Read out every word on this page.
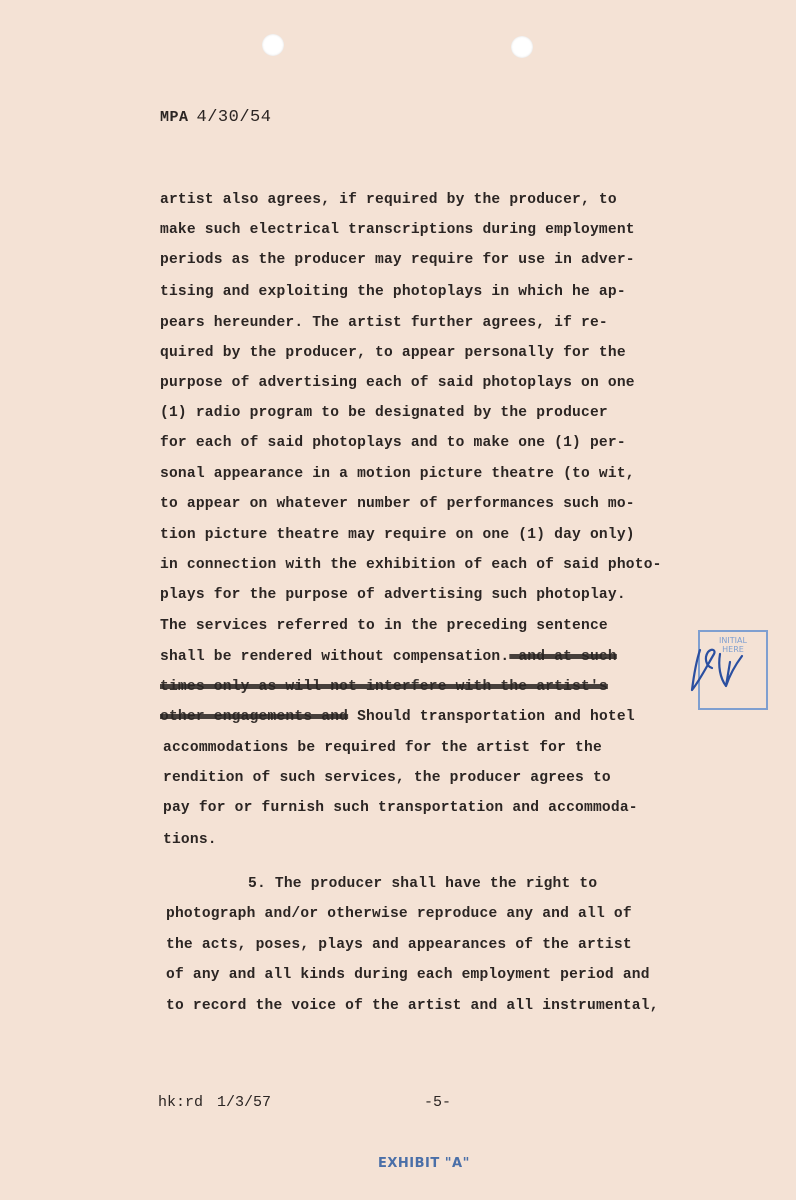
MPA 4/30/54
artist also agrees, if required by the producer, to
make such electrical transcriptions during employment
periods as the producer may require for use in adver-
tising and exploiting the photoplays in which he ap-
pears hereunder. The artist further agrees, if re-
quired by the producer, to appear personally for the
purpose of advertising each of said photoplays on one
(1) radio program to be designated by the producer
for each of said photoplays and to make one (1) per-
sonal appearance in a motion picture theatre (to wit,
to appear on whatever number of performances such mo-
tion picture theatre may require on one (1) day only)
in connection with the exhibition of each of said photo-
plays for the purpose of advertising such photoplay.
The services referred to in the preceding sentence
shall be rendered without compensation. and at such
times only as will not interfere with the artist's
other engagements and Should transportation and hotel
accommodations be required for the artist for the
rendition of such services, the producer agrees to
pay for or furnish such transportation and accommoda-
tions.
5. The producer shall have the right to
photograph and/or otherwise reproduce any and all of
the acts, poses, plays and appearances of the artist
of any and all kinds during each employment period and
to record the voice of the artist and all instrumental,
INITIAL
HERE
hk:rd 1/3/57	-5-
EXHIBIT "A"
